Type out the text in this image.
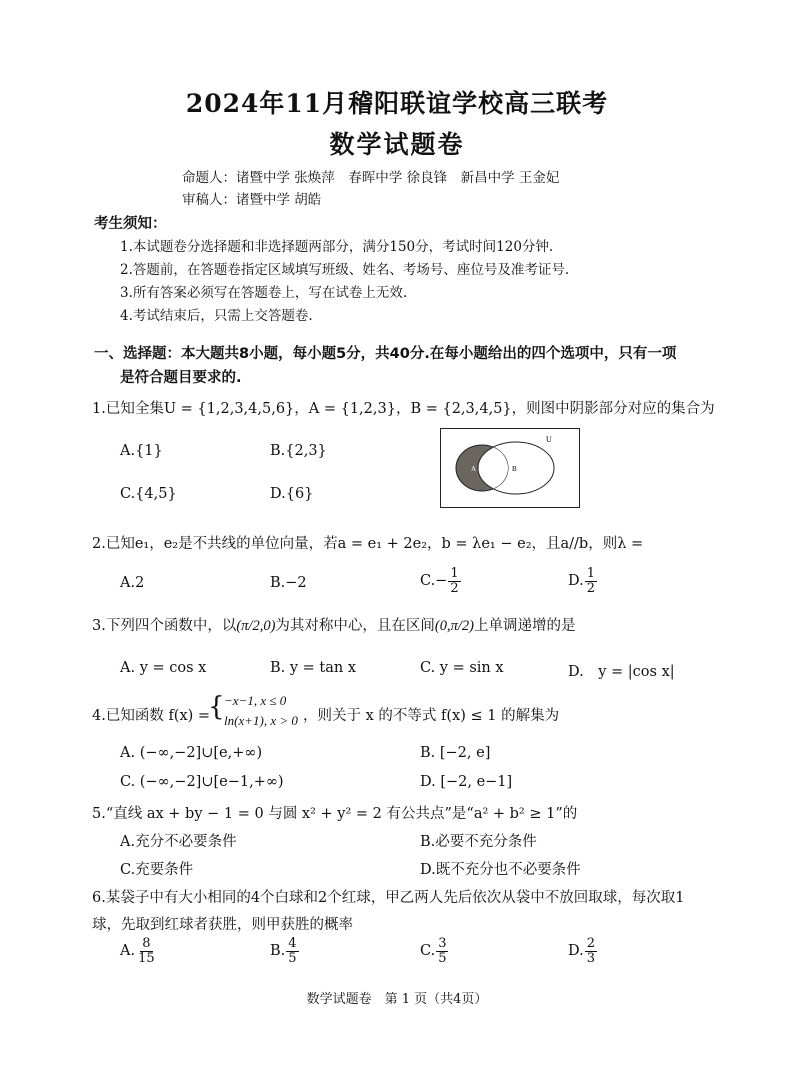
2024年11月稽阳联谊学校高三联考
数学试题卷
命题人：诸暨中学 张焕萍　春晖中学 徐良锋　新昌中学 王金妃
审稿人：诸暨中学 胡皓
考生须知：
1.本试题卷分选择题和非选择题两部分，满分150分，考试时间120分钟.
2.答题前，在答题卷指定区域填写班级、姓名、考场号、座位号及准考证号.
3.所有答案必须写在答题卷上，写在试卷上无效.
4.考试结束后，只需上交答题卷.
一、选择题：本大题共8小题，每小题5分，共40分.在每小题给出的四个选项中，只有一项
是符合题目要求的.
1.已知全集U = {1,2,3,4,5,6}，A = {1,2,3}，B = {2,3,4,5}，则图中阴影部分对应的集合为
A.{1}	B.{2,3}
C.{4,5}	D.{6}
U
A	B
2.已知e₁，e₂是不共线的单位向量，若a = e₁ + 2e₂，b = λe₁ − e₂，且a//b，则λ =
A.2	B.−2	$C.- \frac{1}{2}$	D. $\frac{1}{2}$
3.下列四个函数中，以(π/2,0)为其对称中心，且在区间(0,π/2)上单调递增的是
A. y = cos x	B. y = tan x	C. y = sin x	D.　y = |cos x|
4.已知函数 f(x) =
{ −x−1, x ≤ 0
ln(x+1), x > 0 ，则关于 x 的不等式 f(x) ≤ 1 的解集为
A. (−∞,−2]∪[e,+∞)	B. [−2, e]
C. (−∞,−2]∪[e−1,+∞)	D. [−2, e−1]
5.“直线 ax + by − 1 = 0 与圆 x² + y² = 2 有公共点”是“a² + b² ≥ 1”的
A.充分不必要条件	B.必要不充分条件
C.充要条件	D.既不充分也不必要条件
6.某袋子中有大小相同的4个白球和2个红球，甲乙两人先后依次从袋中不放回取球，每次取1
球，先取到红球者获胜，则甲获胜的概率
A. $\frac{8}{15}$	B. $\frac{4}{5}$	C. $\frac{3}{5}$	D. $\frac{2}{3}$
数学试题卷　第 1 页（共4页）
